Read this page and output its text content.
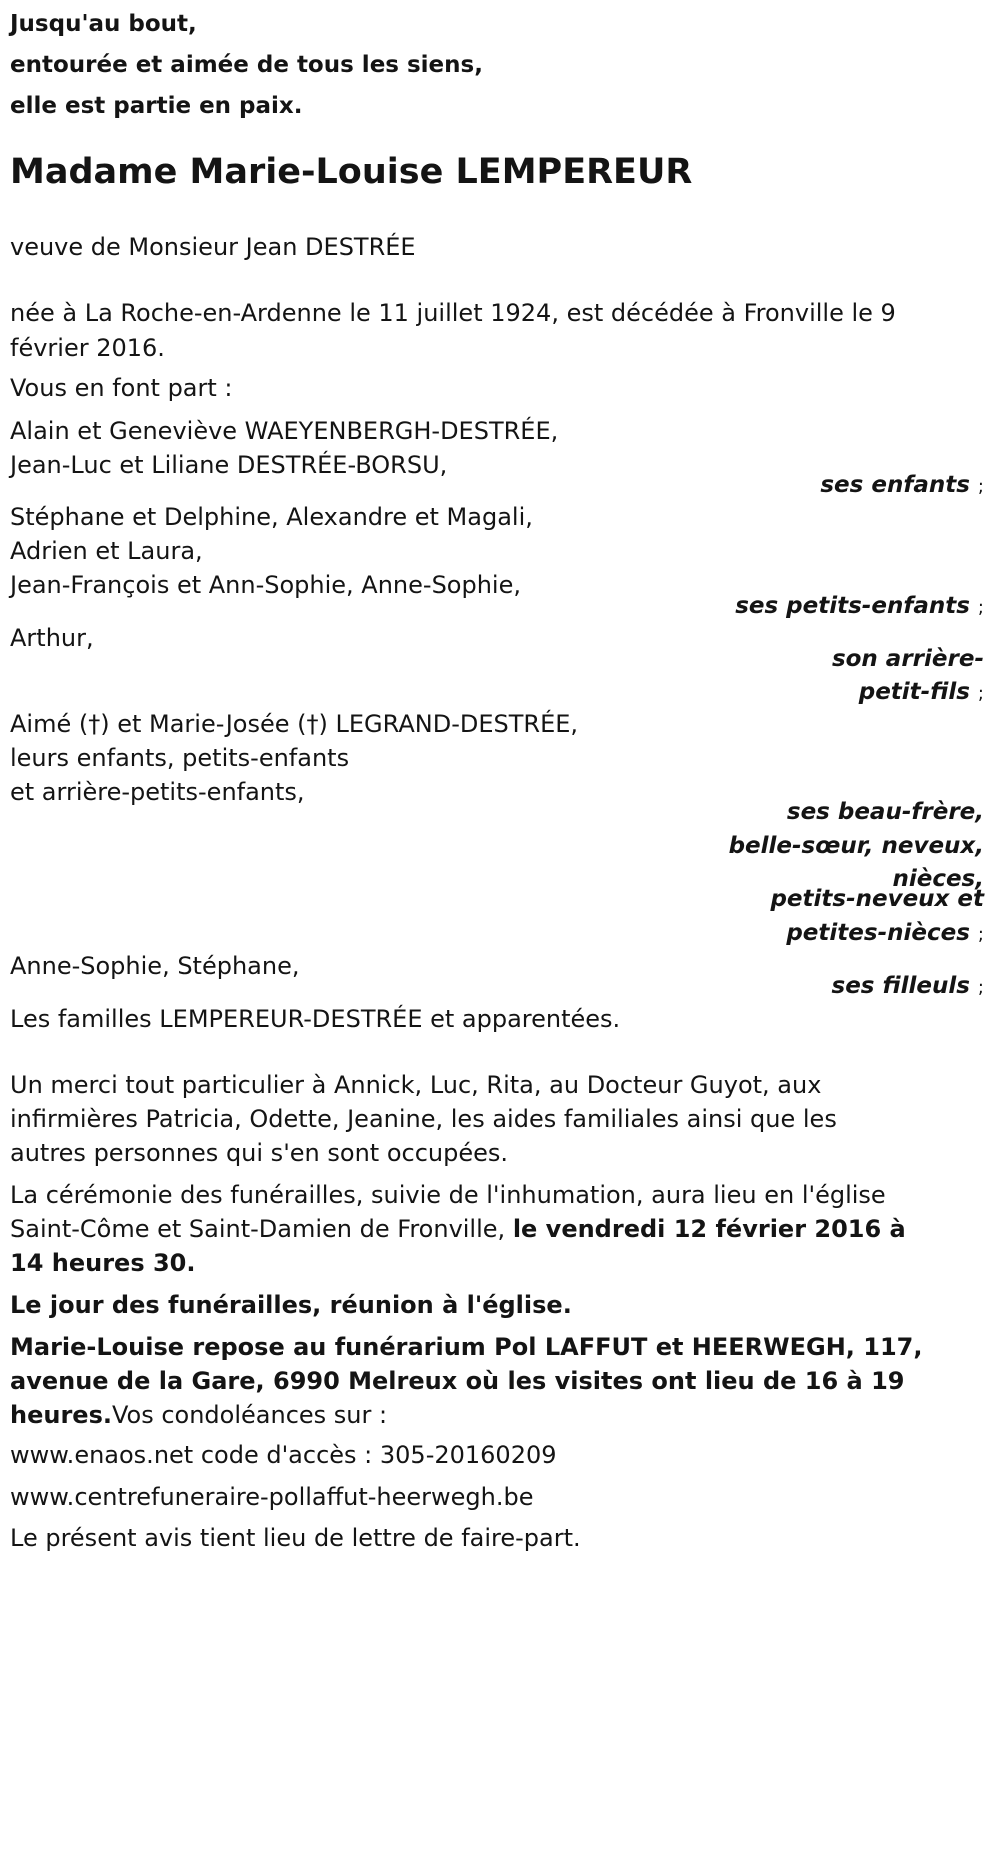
Jusqu'au bout,
entourée et aimée de tous les siens,
elle est partie en paix.
Madame Marie-Louise LEMPEREUR
veuve de Monsieur Jean DESTRÉE
née à La Roche-en-Ardenne le 11 juillet 1924, est décédée à Fronville le 9
février 2016.
Vous en font part :
Alain et Geneviève WAEYENBERGH-DESTRÉE,
Jean-Luc et Liliane DESTRÉE-BORSU,
ses enfants ;
Stéphane et Delphine, Alexandre et Magali,
Adrien et Laura,
Jean-François et Ann-Sophie, Anne-Sophie,
ses petits-enfants ;
Arthur,
son arrière-
petit-fils ;
Aimé (†) et Marie-Josée (†) LEGRAND-DESTRÉE,
leurs enfants, petits-enfants
et arrière-petits-enfants,
ses beau-frère,
belle-sœur, neveux,
nièces,
petits-neveux et
petites-nièces ;
Anne-Sophie, Stéphane,
ses filleuls ;
Les familles LEMPEREUR-DESTRÉE et apparentées.
Un merci tout particulier à Annick, Luc, Rita, au Docteur Guyot, aux
infirmières Patricia, Odette, Jeanine, les aides familiales ainsi que les
autres personnes qui s'en sont occupées.
La cérémonie des funérailles, suivie de l'inhumation, aura lieu en l'église
Saint-Côme et Saint-Damien de Fronville, le vendredi 12 février 2016 à
14 heures 30.
Le jour des funérailles, réunion à l'église.
Marie-Louise repose au funérarium Pol LAFFUT et HEERWEGH, 117,
avenue de la Gare, 6990 Melreux où les visites ont lieu de 16 à 19
heures.Vos condoléances sur :
www.enaos.net code d'accès : 305-20160209
www.centrefuneraire-pollaffut-heerwegh.be
Le présent avis tient lieu de lettre de faire-part.
